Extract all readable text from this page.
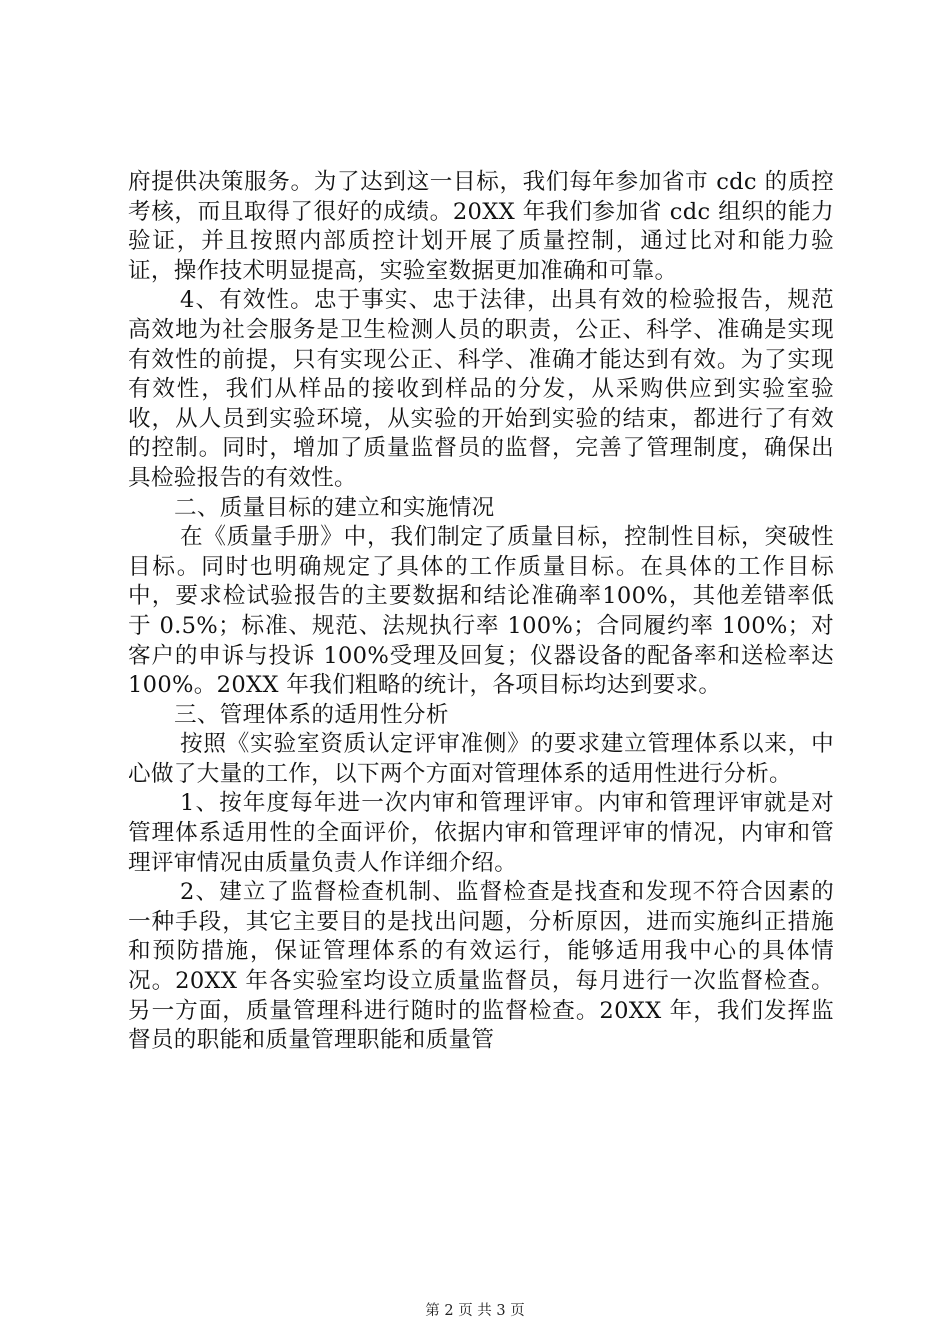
府提供决策服务。为了达到这一目标，我们每年参加省市 cdc 的质控考核，而且取得了很好的成绩。20XX 年我们参加省 cdc 组织的能力验证，并且按照内部质控计划开展了质量控制，通过比对和能力验证，操作技术明显提高，实验室数据更加准确和可靠。

4、有效性。忠于事实、忠于法律，出具有效的检验报告，规范高效地为社会服务是卫生检测人员的职责，公正、科学、准确是实现有效性的前提，只有实现公正、科学、准确才能达到有效。为了实现有效性，我们从样品的接收到样品的分发，从采购供应到实验室验收，从人员到实验环境，从实验的开始到实验的结束，都进行了有效的控制。同时，增加了质量监督员的监督，完善了管理制度，确保出具检验报告的有效性。

二、质量目标的建立和实施情况

在《质量手册》中，我们制定了质量目标，控制性目标，突破性目标。同时也明确规定了具体的工作质量目标。在具体的工作目标中，要求检试验报告的主要数据和结论准确率100%，其他差错率低于 0.5%；标准、规范、法规执行率 100%；合同履约率 100%；对客户的申诉与投诉 100%受理及回复；仪器设备的配备率和送检率达 100%。20XX 年我们粗略的统计，各项目标均达到要求。

三、管理体系的适用性分析

按照《实验室资质认定评审准侧》的要求建立管理体系以来，中心做了大量的工作，以下两个方面对管理体系的适用性进行分析。

1、按年度每年进一次内审和管理评审。内审和管理评审就是对管理体系适用性的全面评价，依据内审和管理评审的情况，内审和管理评审情况由质量负责人作详细介绍。

2、建立了监督检查机制、监督检查是找查和发现不符合因素的一种手段，其它主要目的是找出问题，分析原因，进而实施纠正措施和预防措施，保证管理体系的有效运行，能够适用我中心的具体情况。20XX 年各实验室均设立质量监督员，每月进行一次监督检查。另一方面，质量管理科进行随时的监督检查。20XX 年，我们发挥监督员的职能和质量管理职能和质量管

第 2 页 共 3 页
